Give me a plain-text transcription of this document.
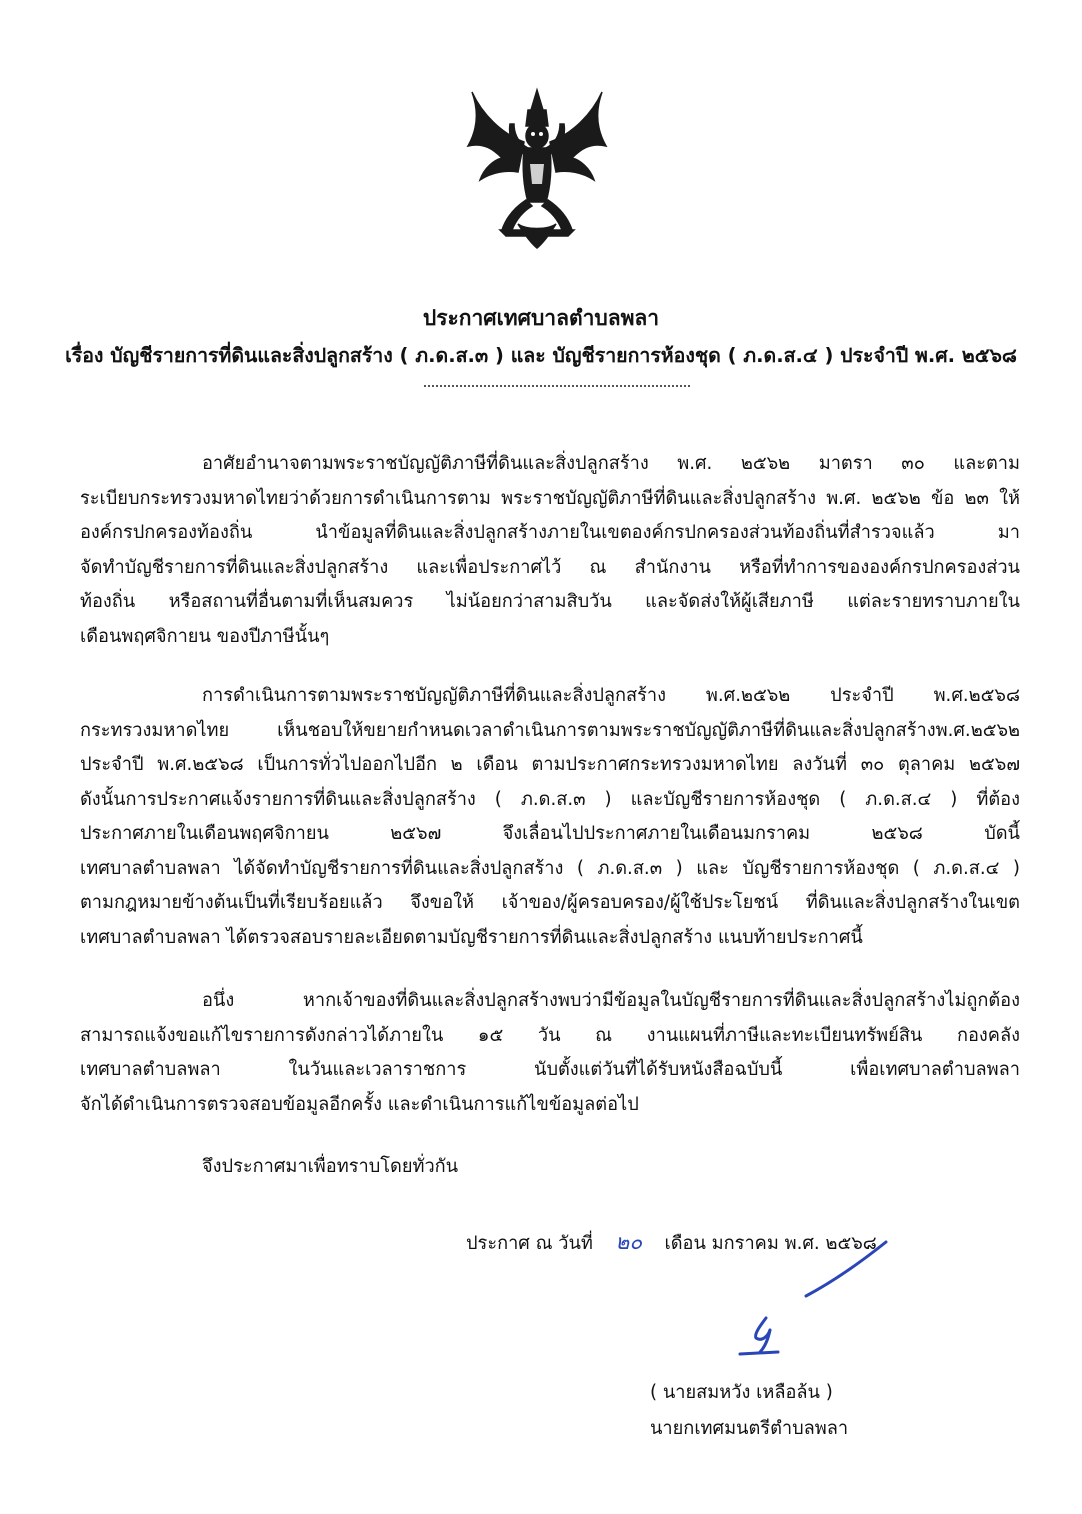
ประกาศเทศบาลตำบลพลา
เรื่อง บัญชีรายการที่ดินและสิ่งปลูกสร้าง ( ภ.ด.ส.๓ ) และ บัญชีรายการห้องชุด ( ภ.ด.ส.๔ ) ประจำปี พ.ศ. ๒๕๖๘
อาศัยอำนาจตามพระราชบัญญัติภาษีที่ดินและสิ่งปลูกสร้าง พ.ศ. ๒๕๖๒ มาตรา ๓๐ และตาม
ระเบียบกระทรวงมหาดไทยว่าด้วยการดำเนินการตาม พระราชบัญญัติภาษีที่ดินและสิ่งปลูกสร้าง พ.ศ. ๒๕๖๒ ข้อ ๒๓ ให้
องค์กรปกครองท้องถิ่น นำข้อมูลที่ดินและสิ่งปลูกสร้างภายในเขตองค์กรปกครองส่วนท้องถิ่นที่สำรวจแล้ว มา
จัดทำบัญชีรายการที่ดินและสิ่งปลูกสร้าง และเพื่อประกาศไว้ ณ สำนักงาน หรือที่ทำการขององค์กรปกครองส่วน
ท้องถิ่น หรือสถานที่อื่นตามที่เห็นสมควร ไม่น้อยกว่าสามสิบวัน และจัดส่งให้ผู้เสียภาษี แต่ละรายทราบภายใน
เดือนพฤศจิกายน ของปีภาษีนั้นๆ
การดำเนินการตามพระราชบัญญัติภาษีที่ดินและสิ่งปลูกสร้าง พ.ศ.๒๕๖๒ ประจำปี พ.ศ.๒๕๖๘
กระทรวงมหาดไทย เห็นชอบให้ขยายกำหนดเวลาดำเนินการตามพระราชบัญญัติภาษีที่ดินและสิ่งปลูกสร้างพ.ศ.๒๕๖๒
ประจำปี พ.ศ.๒๕๖๘ เป็นการทั่วไปออกไปอีก ๒ เดือน ตามประกาศกระทรวงมหาดไทย ลงวันที่ ๓๐ ตุลาคม ๒๕๖๗
ดังนั้นการประกาศแจ้งรายการที่ดินและสิ่งปลูกสร้าง ( ภ.ด.ส.๓ ) และบัญชีรายการห้องชุด ( ภ.ด.ส.๔ ) ที่ต้อง
ประกาศภายในเดือนพฤศจิกายน ๒๕๖๗ จึงเลื่อนไปประกาศภายในเดือนมกราคม ๒๕๖๘ บัดนี้
เทศบาลตำบลพลา ได้จัดทำบัญชีรายการที่ดินและสิ่งปลูกสร้าง ( ภ.ด.ส.๓ ) และ บัญชีรายการห้องชุด ( ภ.ด.ส.๔ )
ตามกฎหมายข้างต้นเป็นที่เรียบร้อยแล้ว จึงขอให้ เจ้าของ/ผู้ครอบครอง/ผู้ใช้ประโยชน์ ที่ดินและสิ่งปลูกสร้างในเขต
เทศบาลตำบลพลา ได้ตรวจสอบรายละเอียดตามบัญชีรายการที่ดินและสิ่งปลูกสร้าง แนบท้ายประกาศนี้
อนึ่ง หากเจ้าของที่ดินและสิ่งปลูกสร้างพบว่ามีข้อมูลในบัญชีรายการที่ดินและสิ่งปลูกสร้างไม่ถูกต้อง
สามารถแจ้งขอแก้ไขรายการดังกล่าวได้ภายใน ๑๕ วัน ณ งานแผนที่ภาษีและทะเบียนทรัพย์สิน กองคลัง
เทศบาลตำบลพลา ในวันและเวลาราชการ นับตั้งแต่วันที่ได้รับหนังสือฉบับนี้ เพื่อเทศบาลตำบลพลา
จักได้ดำเนินการตรวจสอบข้อมูลอีกครั้ง และดำเนินการแก้ไขข้อมูลต่อไป
จึงประกาศมาเพื่อทราบโดยทั่วกัน
ประกาศ ณ วันที่ ๒๐ เดือน มกราคม พ.ศ. ๒๕๖๘
( นายสมหวัง เหลือล้น )
นายกเทศมนตรีตำบลพลา
